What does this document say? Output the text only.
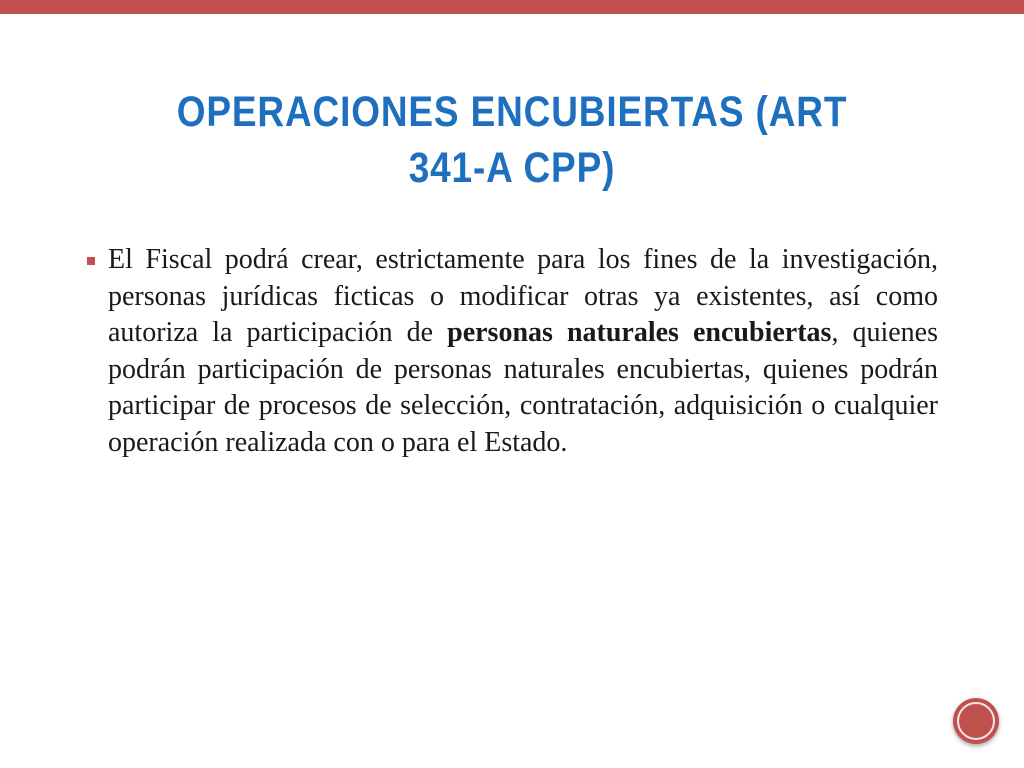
OPERACIONES ENCUBIERTAS (ART 341-A CPP)
El Fiscal podrá crear, estrictamente para los fines de la investigación, personas jurídicas ficticas o modificar otras ya existentes, así como autoriza la participación de personas naturales encubiertas, quienes podrán participación de personas naturales encubiertas, quienes podrán participar de procesos de selección, contratación, adquisición o cualquier operación realizada con o para el Estado.
